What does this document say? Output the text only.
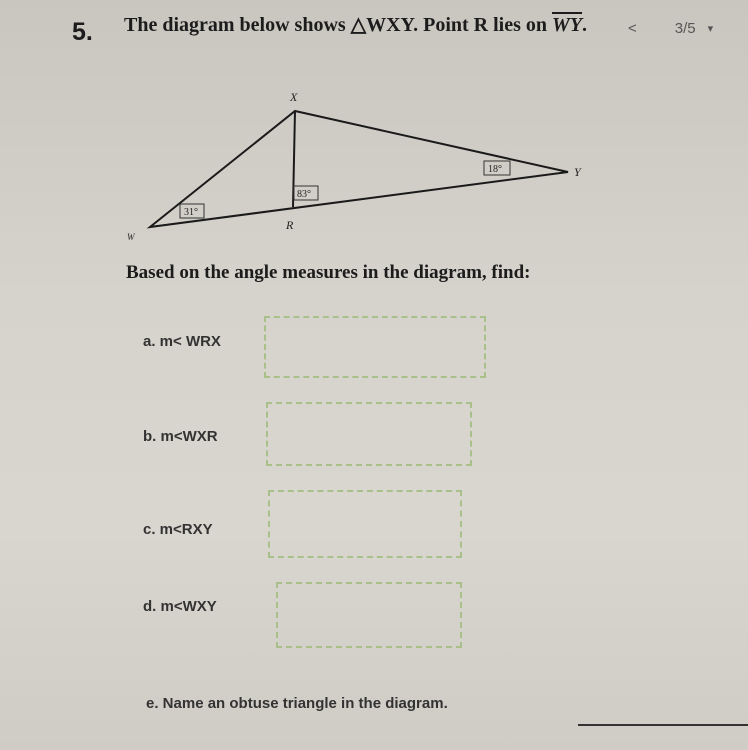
5. The diagram below shows △WXY. Point R lies on $\overline{WY}$.	<	3/5 ▾
X
Y
W
R
31°
83°
18°
Based on the angle measures in the diagram, find:
a. m< WRX
b. m<WXR
c. m<RXY
d. m<WXY
e. Name an obtuse triangle in the diagram.
